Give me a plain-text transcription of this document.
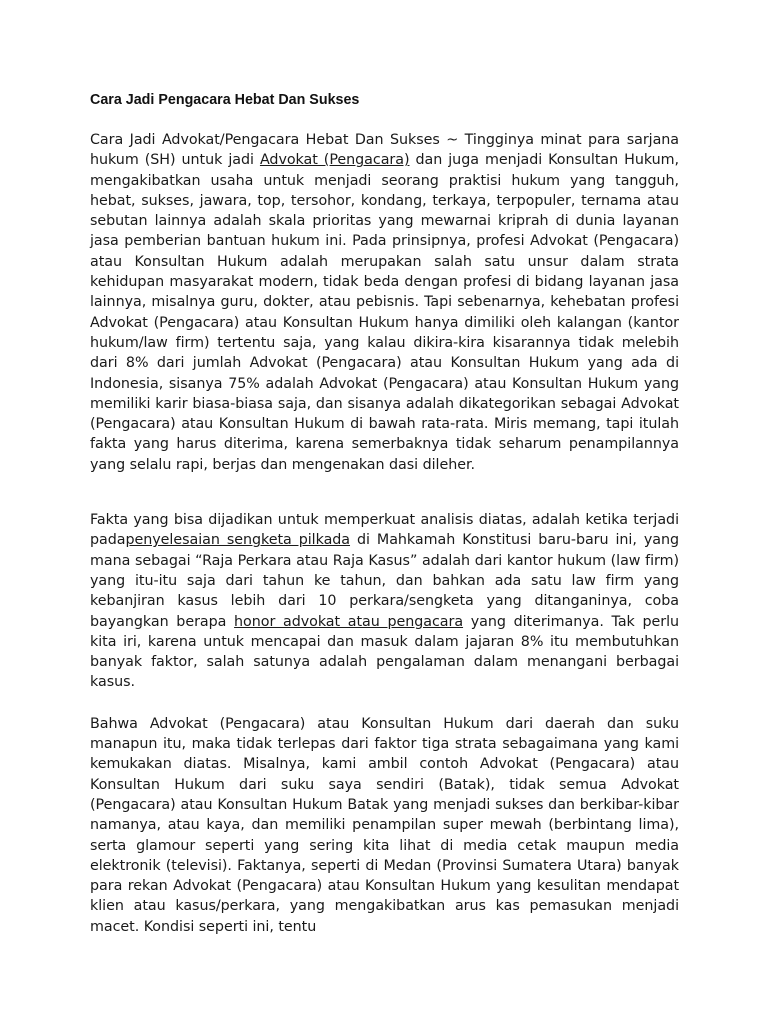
Cara Jadi Pengacara Hebat Dan Sukses

Cara Jadi Advokat/Pengacara Hebat Dan Sukses ~ Tingginya minat para sarjana hukum (SH) untuk jadi Advokat (Pengacara) dan juga menjadi Konsultan Hukum, mengakibatkan usaha untuk menjadi seorang praktisi hukum yang tangguh, hebat, sukses, jawara, top, tersohor, kondang, terkaya, terpopuler, ternama atau sebutan lainnya adalah skala prioritas yang mewarnai kriprah di dunia layanan jasa pemberian bantuan hukum ini. Pada prinsipnya, profesi Advokat (Pengacara) atau Konsultan Hukum adalah merupakan salah satu unsur dalam strata kehidupan masyarakat modern, tidak beda dengan profesi di bidang layanan jasa lainnya, misalnya guru, dokter, atau pebisnis. Tapi sebenarnya, kehebatan profesi Advokat (Pengacara) atau Konsultan Hukum hanya dimiliki oleh kalangan (kantor hukum/law firm) tertentu saja, yang kalau dikira-kira kisarannya tidak melebih dari 8% dari jumlah Advokat (Pengacara) atau Konsultan Hukum yang ada di Indonesia, sisanya 75% adalah Advokat (Pengacara) atau Konsultan Hukum yang memiliki karir biasa-biasa saja, dan sisanya adalah dikategorikan sebagai Advokat (Pengacara) atau Konsultan Hukum di bawah rata-rata. Miris memang, tapi itulah fakta yang harus diterima, karena semerbaknya tidak seharum penampilannya yang selalu rapi, berjas dan mengenakan dasi dileher.

Fakta yang bisa dijadikan untuk memperkuat analisis diatas, adalah ketika terjadi padapenyelesaian sengketa pilkada di Mahkamah Konstitusi baru-baru ini, yang mana sebagai “Raja Perkara atau Raja Kasus” adalah dari kantor hukum (law firm) yang itu-itu saja dari tahun ke tahun, dan bahkan ada satu law firm yang kebanjiran kasus lebih dari 10 perkara/sengketa yang ditanganinya, coba bayangkan berapa honor advokat atau pengacara yang diterimanya. Tak perlu kita iri, karena untuk mencapai dan masuk dalam jajaran 8% itu membutuhkan banyak faktor, salah satunya adalah pengalaman dalam menangani berbagai kasus.

Bahwa Advokat (Pengacara) atau Konsultan Hukum dari daerah dan suku manapun itu, maka tidak terlepas dari faktor tiga strata sebagaimana yang kami kemukakan diatas. Misalnya, kami ambil contoh Advokat (Pengacara) atau Konsultan Hukum dari suku saya sendiri (Batak), tidak semua Advokat (Pengacara) atau Konsultan Hukum Batak yang menjadi sukses dan berkibar-kibar namanya, atau kaya, dan memiliki penampilan super mewah (berbintang lima), serta glamour seperti yang sering kita lihat di media cetak maupun media elektronik (televisi). Faktanya, seperti di Medan (Provinsi Sumatera Utara) banyak para rekan Advokat (Pengacara) atau Konsultan Hukum yang kesulitan mendapat klien atau kasus/perkara, yang mengakibatkan arus kas pemasukan menjadi macet. Kondisi seperti ini, tentu
